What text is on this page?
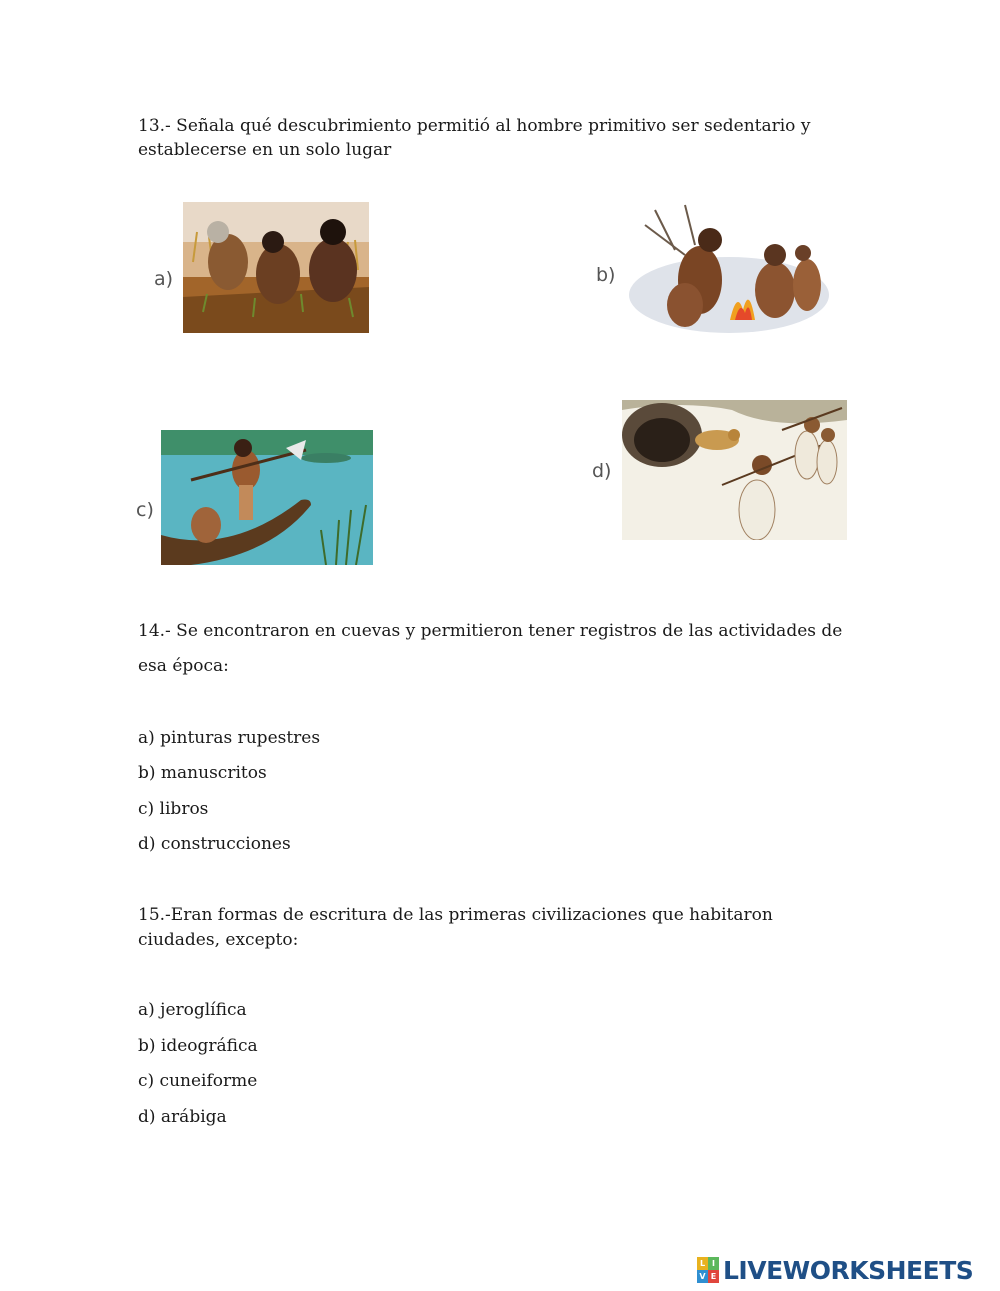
13.- Señala qué descubrimiento permitió al hombre primitivo ser sedentario y
establecerse en un solo lugar
a)	b)
c)
d)
14.- Se encontraron en cuevas y permitieron tener registros de las actividades de
esa época:
a) pinturas rupestres
b) manuscritos
c) libros
d) construcciones
15.-Eran formas de escritura de las primeras civilizaciones que habitaron
ciudades, excepto:
a) jeroglífica
b) ideográfica
c) cuneiforme
d) arábiga
L I
V E LIVEWORKSHEETS
